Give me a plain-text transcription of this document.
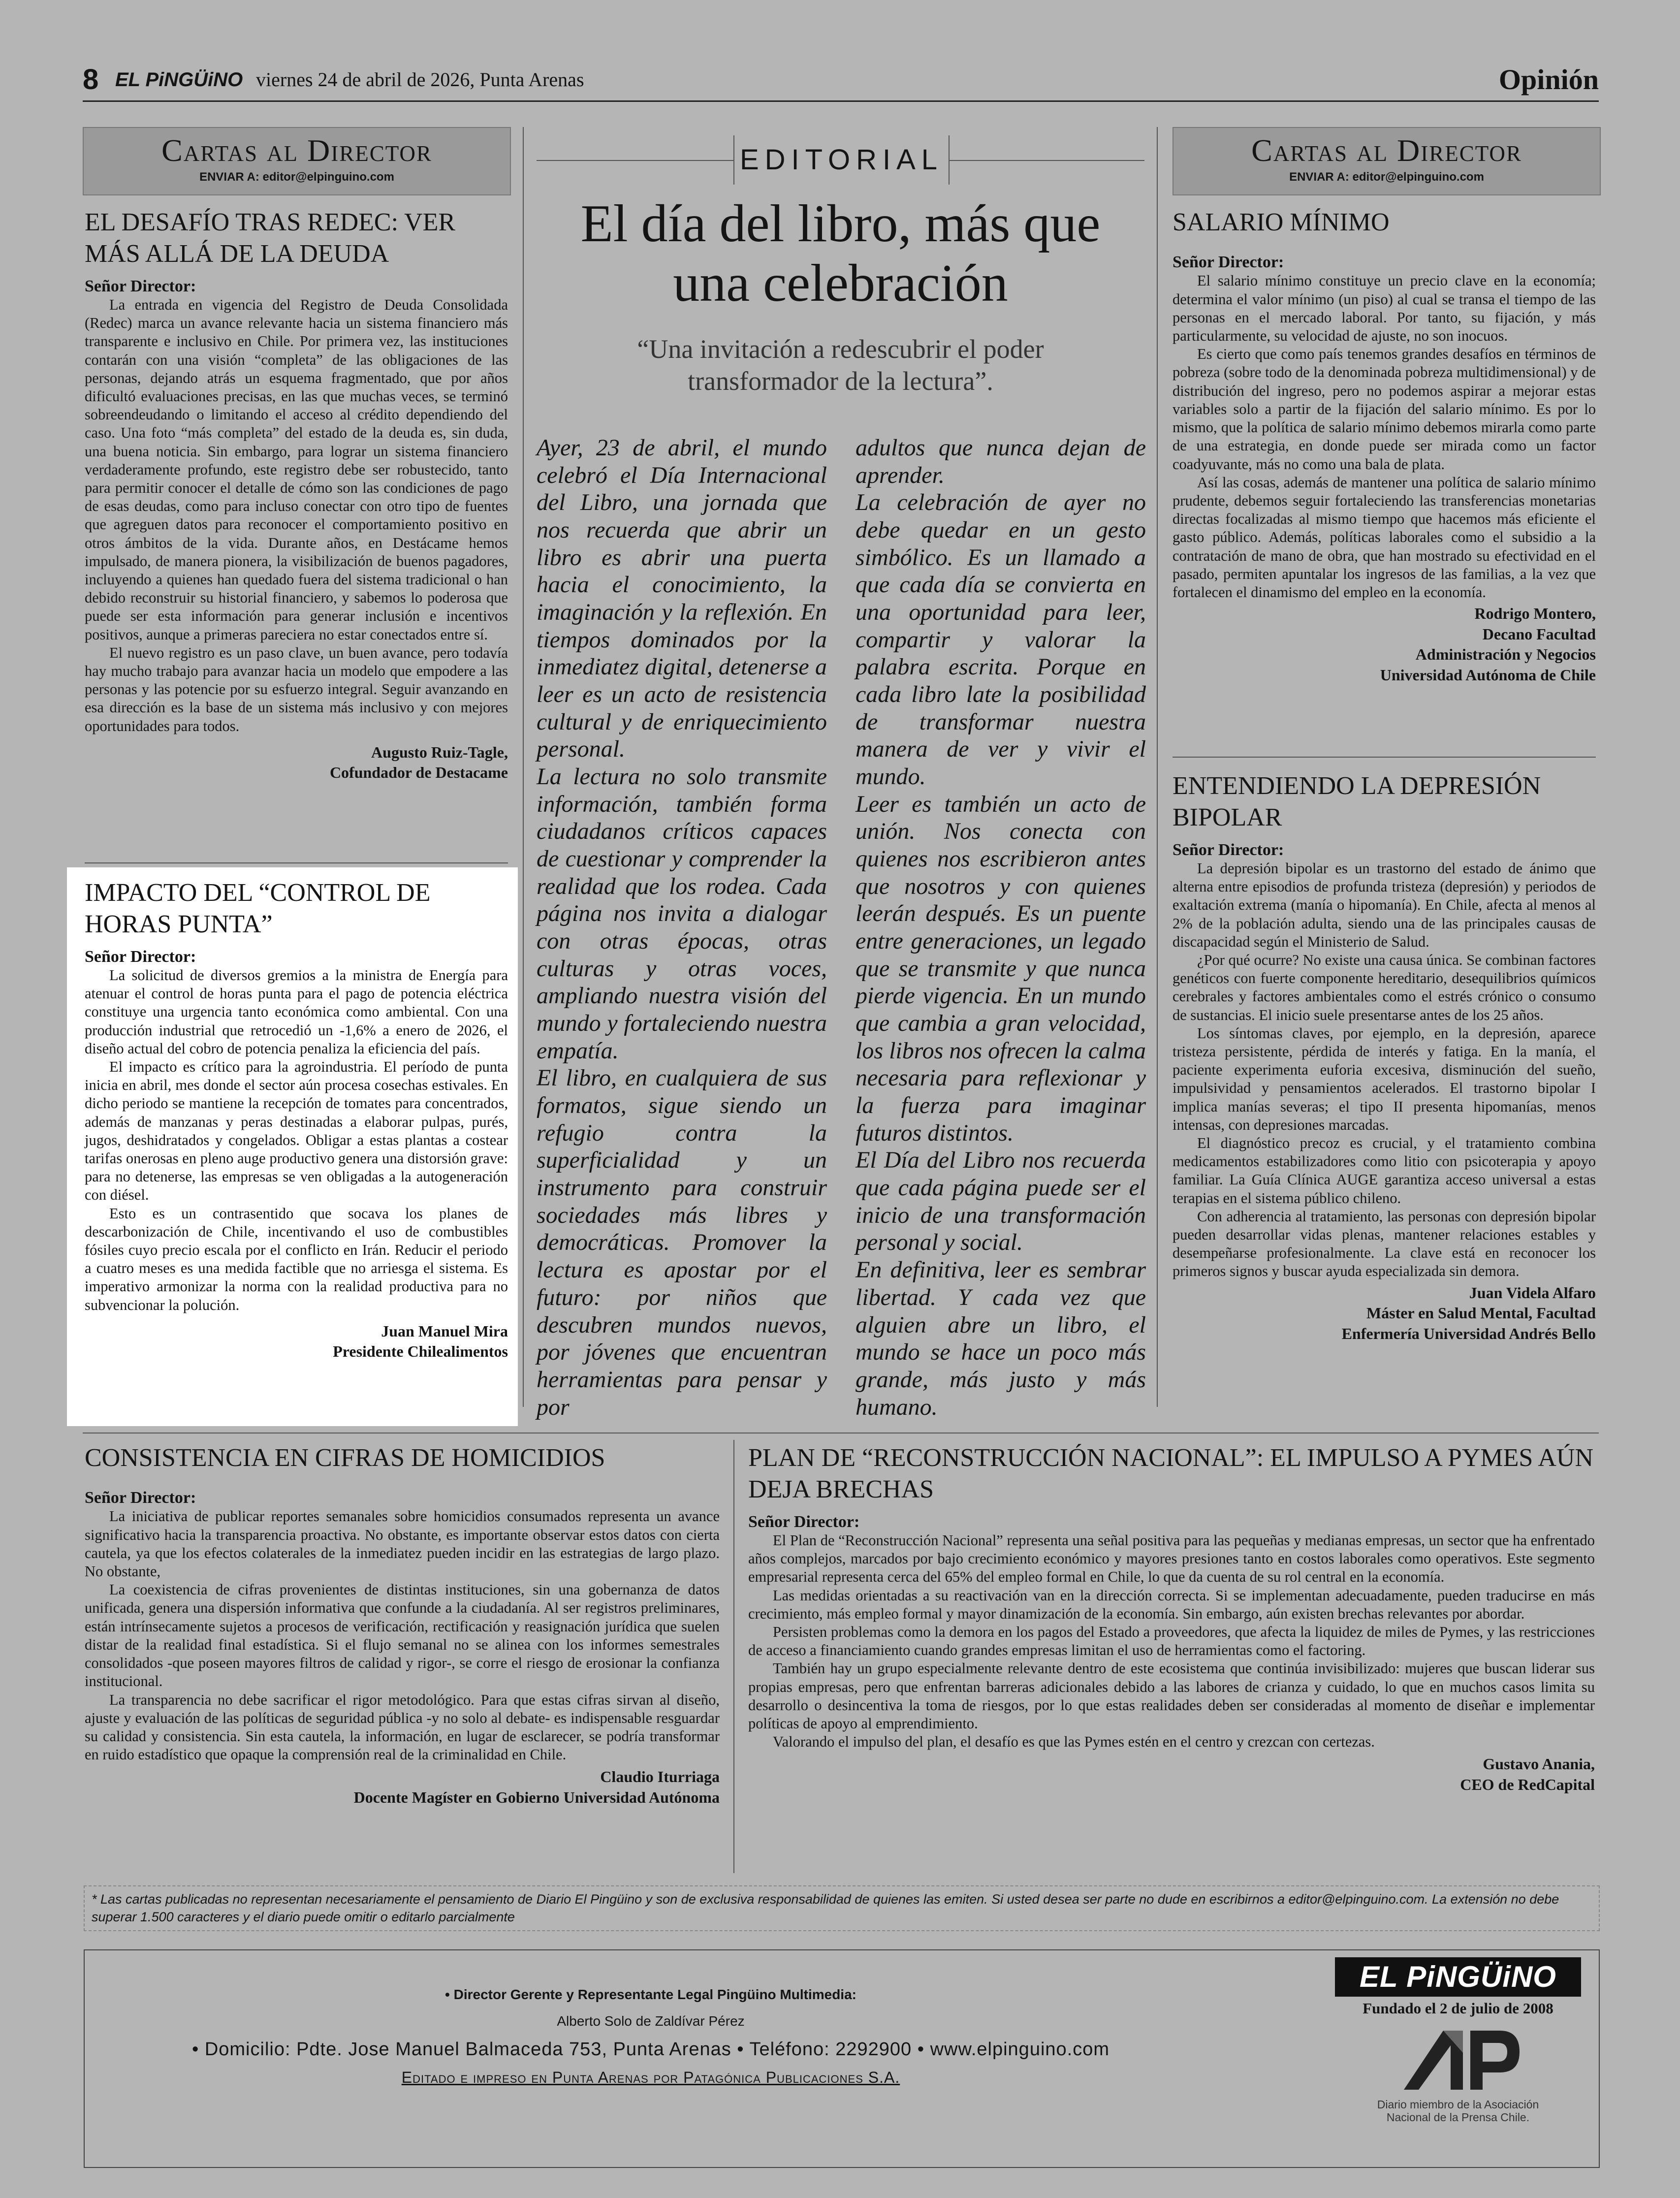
8 EL PiNGÜiNO viernes 24 de abril de 2026, Punta Arenas	Opinión
Cartas al Director
ENVIAR A: editor@elpinguino.com
EL DESAFÍO TRAS REDEC: VER MÁS ALLÁ DE LA DEUDA
Señor Director:

La entrada en vigencia del Registro de Deuda Consolidada (Redec) marca un avance relevante hacia un sistema financiero más transparente e inclusivo en Chile. Por primera vez, las instituciones contarán con una visión “completa” de las obligaciones de las personas, dejando atrás un esquema fragmentado, que por años dificultó evaluaciones precisas, en las que muchas veces, se terminó sobreendeudando o limitando el acceso al crédito dependiendo del caso. Una foto “más completa” del estado de la deuda es, sin duda, una buena noticia. Sin embargo, para lograr un sistema financiero verdaderamente profundo, este registro debe ser robustecido, tanto para permitir conocer el detalle de cómo son las condiciones de pago de esas deudas, como para incluso conectar con otro tipo de fuentes que agreguen datos para reconocer el comportamiento positivo en otros ámbitos de la vida. Durante años, en Destácame hemos impulsado, de manera pionera, la visibilización de buenos pagadores, incluyendo a quienes han quedado fuera del sistema tradicional o han debido reconstruir su historial financiero, y sabemos lo poderosa que puede ser esta información para generar inclusión e incentivos positivos, aunque a primeras pareciera no estar conectados entre sí.

El nuevo registro es un paso clave, un buen avance, pero todavía hay mucho trabajo para avanzar hacia un modelo que empodere a las personas y las potencie por su esfuerzo integral. Seguir avanzando en esa dirección es la base de un sistema más inclusivo y con mejores oportunidades para todos.

Augusto Ruiz-Tagle,
Cofundador de Destacame
IMPACTO DEL “CONTROL DE HORAS PUNTA”
Señor Director:

La solicitud de diversos gremios a la ministra de Energía para atenuar el control de horas punta para el pago de potencia eléctrica constituye una urgencia tanto económica como ambiental. Con una producción industrial que retrocedió un -1,6% a enero de 2026, el diseño actual del cobro de potencia penaliza la eficiencia del país.

El impacto es crítico para la agroindustria. El período de punta inicia en abril, mes donde el sector aún procesa cosechas estivales. En dicho periodo se mantiene la recepción de tomates para concentrados, además de manzanas y peras destinadas a elaborar pulpas, purés, jugos, deshidratados y congelados. Obligar a estas plantas a costear tarifas onerosas en pleno auge productivo genera una distorsión grave: para no detenerse, las empresas se ven obligadas a la autogeneración con diésel.

Esto es un contrasentido que socava los planes de descarbonización de Chile, incentivando el uso de combustibles fósiles cuyo precio escala por el conflicto en Irán. Reducir el periodo a cuatro meses es una medida factible que no arriesga el sistema. Es imperativo armonizar la norma con la realidad productiva para no subvencionar la polución.

Juan Manuel Mira
Presidente Chilealimentos
EDITORIAL
El día del libro, más que una celebración
“Una invitación a redescubrir el poder transformador de la lectura”.

Ayer, 23 de abril, el mundo celebró el Día Internacional del Libro, una jornada que nos recuerda que abrir un libro es abrir una puerta hacia el conocimiento, la imaginación y la reflexión. En tiempos dominados por la inmediatez digital, detenerse a leer es un acto de resistencia cultural y de enriquecimiento personal.

La lectura no solo transmite información, también forma ciudadanos críticos capaces de cuestionar y comprender la realidad que los rodea. Cada página nos invita a dialogar con otras épocas, otras culturas y otras voces, ampliando nuestra visión del mundo y fortaleciendo nuestra empatía.

El libro, en cualquiera de sus formatos, sigue siendo un refugio contra la superficialidad y un instrumento para construir sociedades más libres y democráticas. Promover la lectura es apostar por el futuro: por niños que descubren mundos nuevos, por jóvenes que encuentran herramientas para pensar y por

adultos que nunca dejan de aprender.

La celebración de ayer no debe quedar en un gesto simbólico. Es un llamado a que cada día se convierta en una oportunidad para leer, compartir y valorar la palabra escrita. Porque en cada libro late la posibilidad de transformar nuestra manera de ver y vivir el mundo.

Leer es también un acto de unión. Nos conecta con quienes nos escribieron antes que nosotros y con quienes leerán después. Es un puente entre generaciones, un legado que se transmite y que nunca pierde vigencia. En un mundo que cambia a gran velocidad, los libros nos ofrecen la calma necesaria para reflexionar y la fuerza para imaginar futuros distintos.

El Día del Libro nos recuerda que cada página puede ser el inicio de una transformación personal y social.

En definitiva, leer es sembrar libertad. Y cada vez que alguien abre un libro, el mundo se hace un poco más grande, más justo y más humano.

Cartas al Director
ENVIAR A: editor@elpinguino.com
SALARIO MÍNIMO
Señor Director:

El salario mínimo constituye un precio clave en la economía; determina el valor mínimo (un piso) al cual se transa el tiempo de las personas en el mercado laboral. Por tanto, su fijación, y más particularmente, su velocidad de ajuste, no son inocuos.

Es cierto que como país tenemos grandes desafíos en términos de pobreza (sobre todo de la denominada pobreza multidimensional) y de distribución del ingreso, pero no podemos aspirar a mejorar estas variables solo a partir de la fijación del salario mínimo. Es por lo mismo, que la política de salario mínimo debemos mirarla como parte de una estrategia, en donde puede ser mirada como un factor coadyuvante, más no como una bala de plata.

Así las cosas, además de mantener una política de salario mínimo prudente, debemos seguir fortaleciendo las transferencias monetarias directas focalizadas al mismo tiempo que hacemos más eficiente el gasto público. Además, políticas laborales como el subsidio a la contratación de mano de obra, que han mostrado su efectividad en el pasado, permiten apuntalar los ingresos de las familias, a la vez que fortalecen el dinamismo del empleo en la economía.

Rodrigo Montero,
Decano Facultad
Administración y Negocios
Universidad Autónoma de Chile
ENTENDIENDO LA DEPRESIÓN BIPOLAR
Señor Director:

La depresión bipolar es un trastorno del estado de ánimo que alterna entre episodios de profunda tristeza (depresión) y periodos de exaltación extrema (manía o hipomanía). En Chile, afecta al menos al 2% de la población adulta, siendo una de las principales causas de discapacidad según el Ministerio de Salud.

¿Por qué ocurre? No existe una causa única. Se combinan factores genéticos con fuerte componente hereditario, desequilibrios químicos cerebrales y factores ambientales como el estrés crónico o consumo de sustancias. El inicio suele presentarse antes de los 25 años.

Los síntomas claves, por ejemplo, en la depresión, aparece tristeza persistente, pérdida de interés y fatiga. En la manía, el paciente experimenta euforia excesiva, disminución del sueño, impulsividad y pensamientos acelerados. El trastorno bipolar I implica manías severas; el tipo II presenta hipomanías, menos intensas, con depresiones marcadas.

El diagnóstico precoz es crucial, y el tratamiento combina medicamentos estabilizadores como litio con psicoterapia y apoyo familiar. La Guía Clínica AUGE garantiza acceso universal a estas terapias en el sistema público chileno.

Con adherencia al tratamiento, las personas con depresión bipolar pueden desarrollar vidas plenas, mantener relaciones estables y desempeñarse profesionalmente. La clave está en reconocer los primeros signos y buscar ayuda especializada sin demora.

Juan Videla Alfaro
Máster en Salud Mental, Facultad
Enfermería Universidad Andrés Bello
CONSISTENCIA EN CIFRAS DE HOMICIDIOS
Señor Director:

La iniciativa de publicar reportes semanales sobre homicidios consumados representa un avance significativo hacia la transparencia proactiva. No obstante, es importante observar estos datos con cierta cautela, ya que los efectos colaterales de la inmediatez pueden incidir en las estrategias de largo plazo. No obstante,

La coexistencia de cifras provenientes de distintas instituciones, sin una gobernanza de datos unificada, genera una dispersión informativa que confunde a la ciudadanía. Al ser registros preliminares, están intrínsecamente sujetos a procesos de verificación, rectificación y reasignación jurídica que suelen distar de la realidad final estadística. Si el flujo semanal no se alinea con los informes semestrales consolidados -que poseen mayores filtros de calidad y rigor-, se corre el riesgo de erosionar la confianza institucional.

La transparencia no debe sacrificar el rigor metodológico. Para que estas cifras sirvan al diseño, ajuste y evaluación de las políticas de seguridad pública -y no solo al debate- es indispensable resguardar su calidad y consistencia. Sin esta cautela, la información, en lugar de esclarecer, se podría transformar en ruido estadístico que opaque la comprensión real de la criminalidad en Chile.

Claudio Iturriaga
Docente Magíster en Gobierno Universidad Autónoma
PLAN DE “RECONSTRUCCIÓN NACIONAL”: EL IMPULSO A PYMES AÚN DEJA BRECHAS
Señor Director:

El Plan de “Reconstrucción Nacional” representa una señal positiva para las pequeñas y medianas empresas, un sector que ha enfrentado años complejos, marcados por bajo crecimiento económico y mayores presiones tanto en costos laborales como operativos. Este segmento empresarial representa cerca del 65% del empleo formal en Chile, lo que da cuenta de su rol central en la economía.

Las medidas orientadas a su reactivación van en la dirección correcta. Si se implementan adecuadamente, pueden traducirse en más crecimiento, más empleo formal y mayor dinamización de la economía. Sin embargo, aún existen brechas relevantes por abordar.

Persisten problemas como la demora en los pagos del Estado a proveedores, que afecta la liquidez de miles de Pymes, y las restricciones de acceso a financiamiento cuando grandes empresas limitan el uso de herramientas como el factoring.

También hay un grupo especialmente relevante dentro de este ecosistema que continúa invisibilizado: mujeres que buscan liderar sus propias empresas, pero que enfrentan barreras adicionales debido a las labores de crianza y cuidado, lo que en muchos casos limita su desarrollo o desincentiva la toma de riesgos, por lo que estas realidades deben ser consideradas al momento de diseñar e implementar políticas de apoyo al emprendimiento.

Valorando el impulso del plan, el desafío es que las Pymes estén en el centro y crezcan con certezas.

Gustavo Anania,
CEO de RedCapital
* Las cartas publicadas no representan necesariamente el pensamiento de Diario El Pingüino y son de exclusiva responsabilidad de quienes las emiten. Si usted desea ser parte no dude en escribirnos a editor@elpinguino.com. La extensión no debe superar 1.500 caracteres y el diario puede omitir o editarlo parcialmente
• Director Gerente y Representante Legal Pingüino Multimedia:
Alberto Solo de Zaldívar Pérez
• Domicilio: Pdte. Jose Manuel Balmaceda 753, Punta Arenas • Teléfono: 2292900 • www.elpinguino.com
Editado e impreso en Punta Arenas por Patagónica Publicaciones S.A.
EL PiNGÜiNO
Fundado el 2 de julio de 2008
Diario miembro de la Asociación Nacional de la Prensa Chile.
